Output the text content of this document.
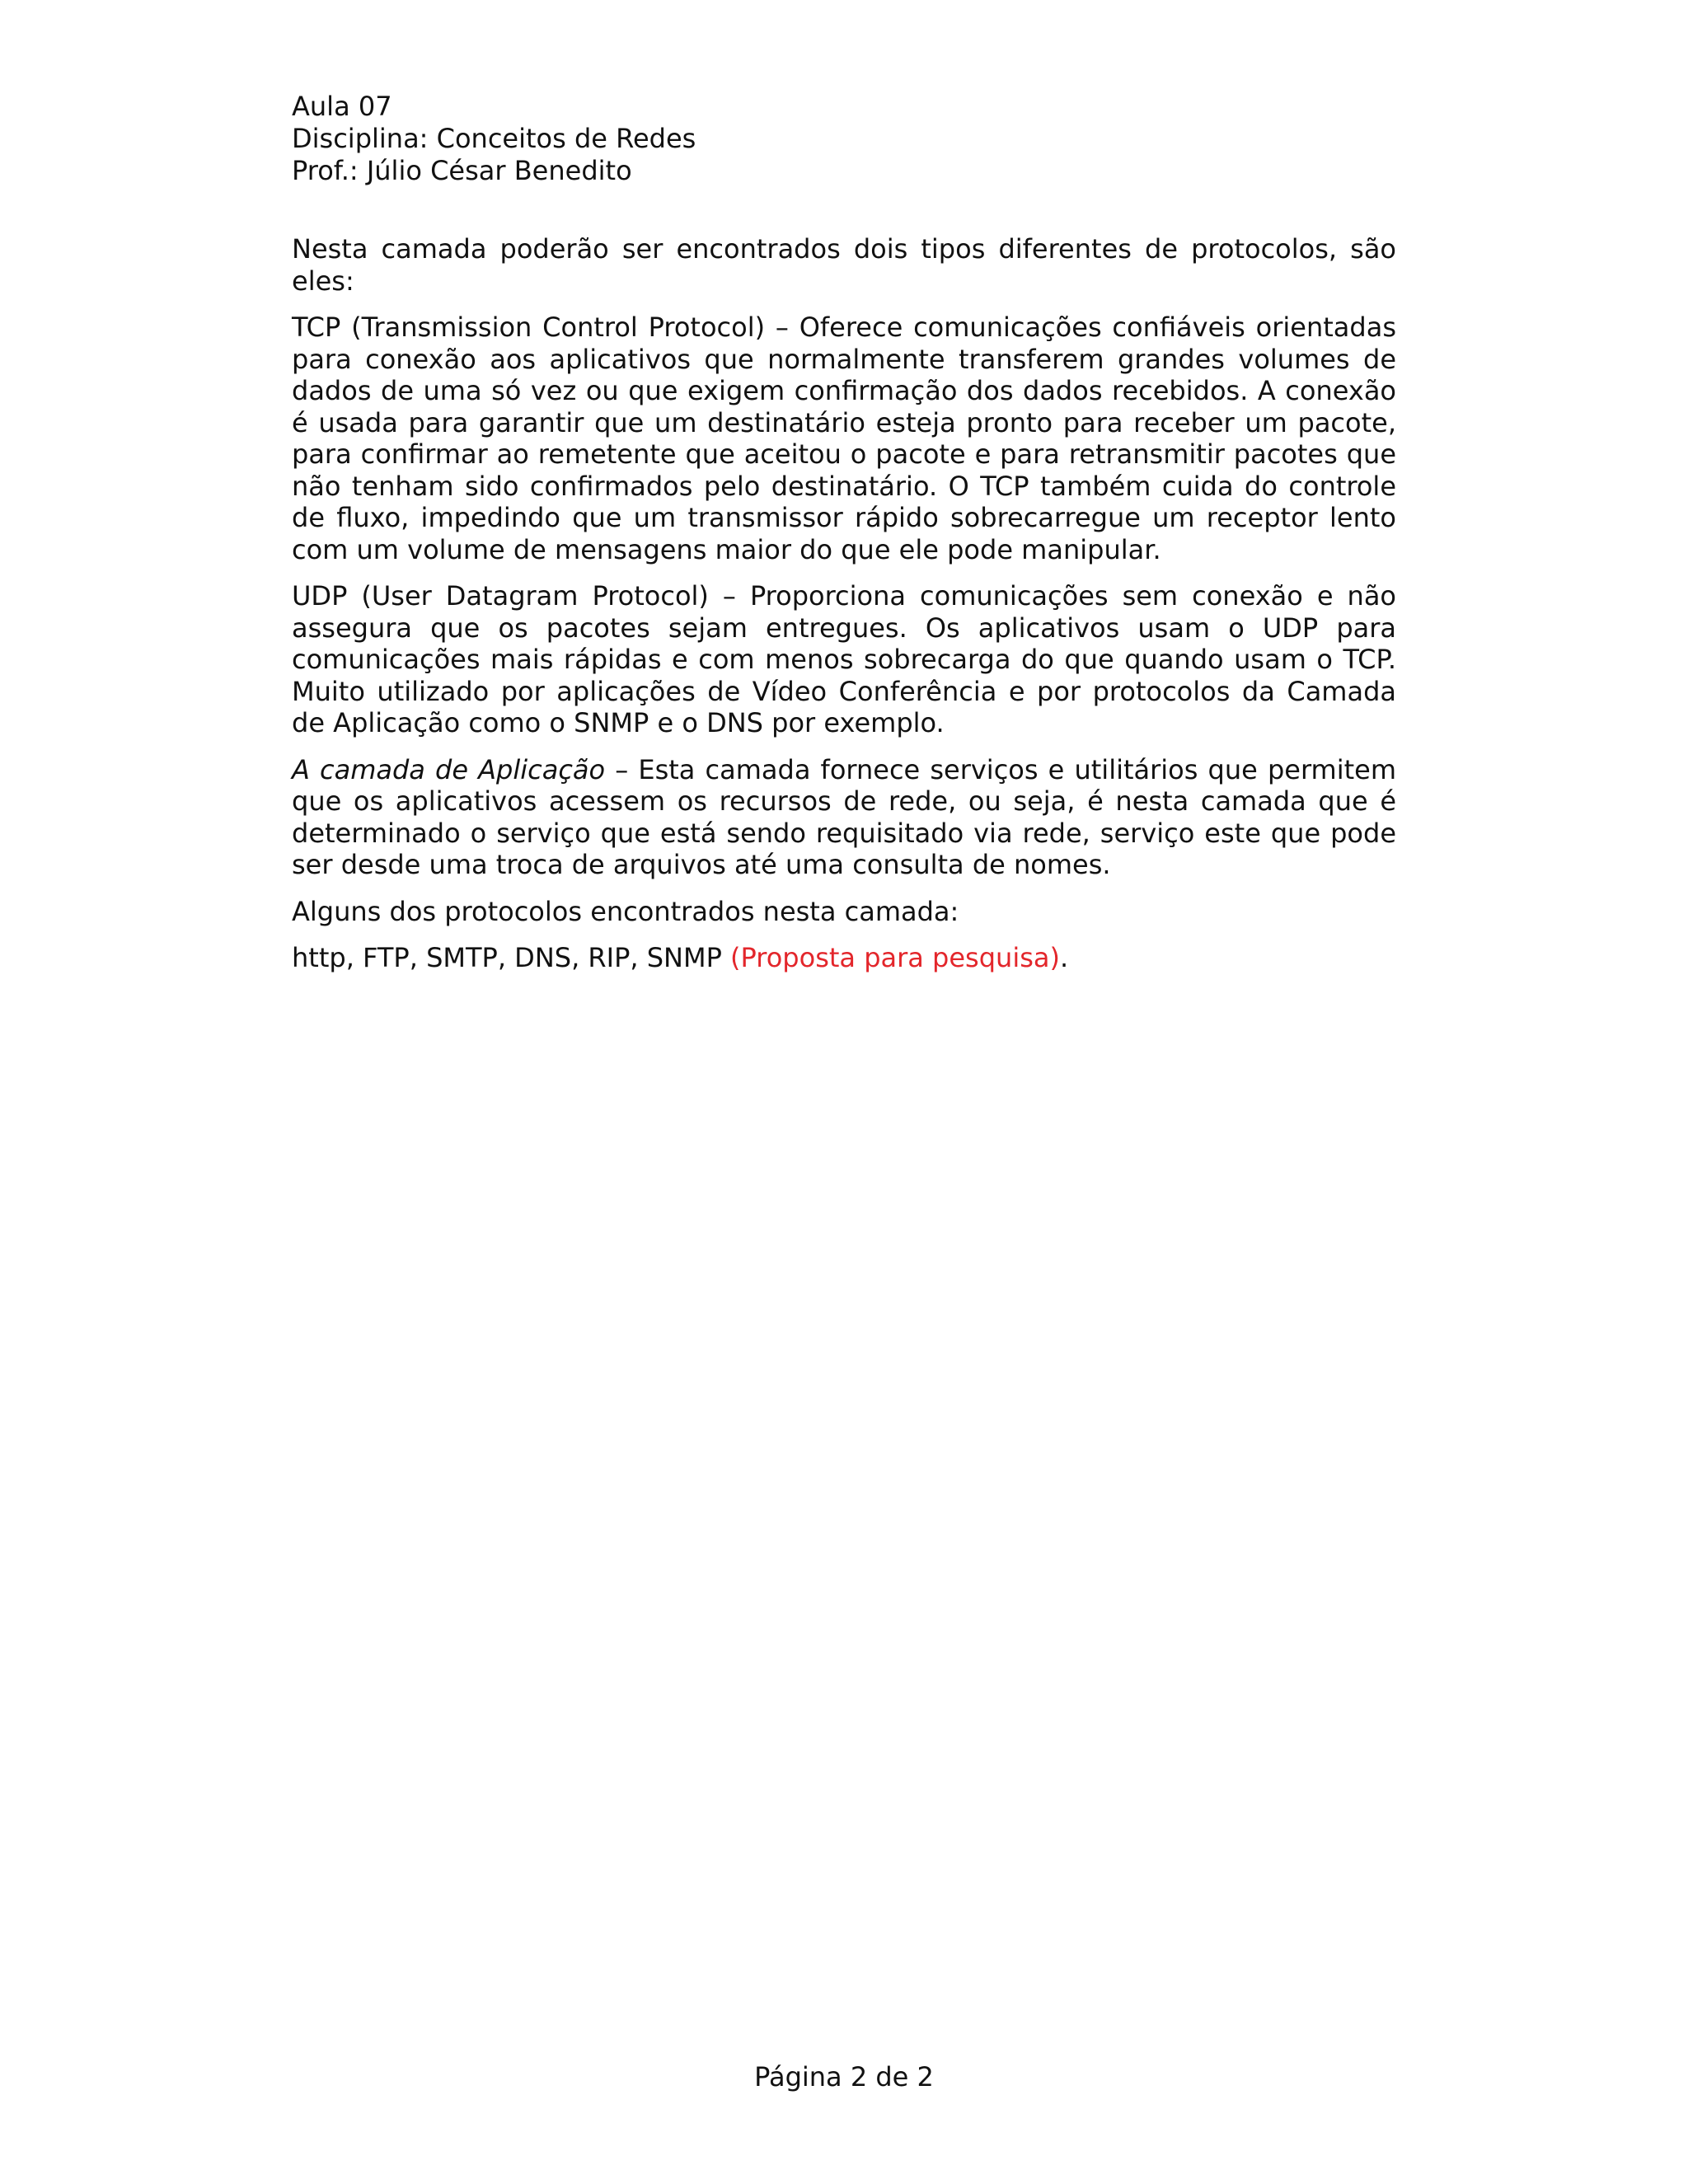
Aula 07
Disciplina: Conceitos de Redes
Prof.: Júlio César Benedito

Nesta camada poderão ser encontrados dois tipos diferentes de protocolos, são eles:

TCP (Transmission Control Protocol) – Oferece comunicações confiáveis orientadas para conexão aos aplicativos que normalmente transferem grandes volumes de dados de uma só vez ou que exigem confirmação dos dados recebidos. A conexão é usada para garantir que um destinatário esteja pronto para receber um pacote, para confirmar ao remetente que aceitou o pacote e para retransmitir pacotes que não tenham sido confirmados pelo destinatário. O TCP também cuida do controle de fluxo, impedindo que um transmissor rápido sobrecarregue um receptor lento com um volume de mensagens maior do que ele pode manipular.

UDP (User Datagram Protocol) – Proporciona comunicações sem conexão e não assegura que os pacotes sejam entregues. Os aplicativos usam o UDP para comunicações mais rápidas e com menos sobrecarga do que quando usam o TCP. Muito utilizado por aplicações de Vídeo Conferência e por protocolos da Camada de Aplicação como o SNMP e o DNS por exemplo.

A camada de Aplicação – Esta camada fornece serviços e utilitários que permitem que os aplicativos acessem os recursos de rede, ou seja, é nesta camada que é determinado o serviço que está sendo requisitado via rede, serviço este que pode ser desde uma troca de arquivos até uma consulta de nomes.

Alguns dos protocolos encontrados nesta camada:

http, FTP, SMTP, DNS, RIP, SNMP (Proposta para pesquisa).

Página 2 de 2
